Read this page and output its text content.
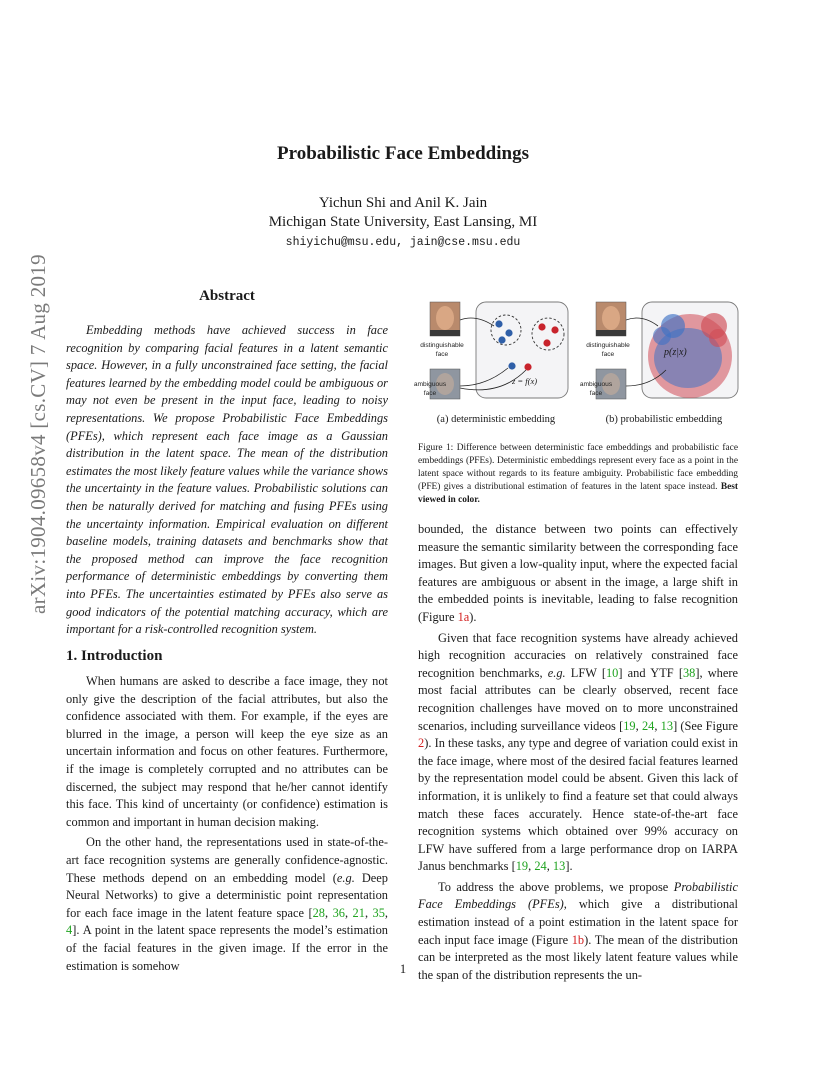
arXiv:1904.09658v4 [cs.CV] 7 Aug 2019
Probabilistic Face Embeddings
Yichun Shi and Anil K. Jain
Michigan State University, East Lansing, MI
shiyichu@msu.edu, jain@cse.msu.edu
Abstract

Embedding methods have achieved success in face recognition by comparing facial features in a latent semantic space. However, in a fully unconstrained face setting, the facial features learned by the embedding model could be ambiguous or may not even be present in the input face, leading to noisy representations. We propose Probabilistic Face Embeddings (PFEs), which represent each face image as a Gaussian distribution in the latent space. The mean of the distribution estimates the most likely feature values while the variance shows the uncertainty in the feature values. Probabilistic solutions can then be naturally derived for matching and fusing PFEs using the uncertainty information. Empirical evaluation on different baseline models, training datasets and benchmarks show that the proposed method can improve the face recognition performance of deterministic embeddings by converting them into PFEs. The uncertainties estimated by PFEs also serve as good indicators of the potential matching accuracy, which are important for a risk-controlled recognition system.

1. Introduction

When humans are asked to describe a face image, they not only give the description of the facial attributes, but also the confidence associated with them. For example, if the eyes are blurred in the image, a person will keep the eye size as an uncertain information and focus on other features. Furthermore, if the image is completely corrupted and no attributes can be discerned, the subject may respond that he/her cannot identify this face. This kind of uncertainty (or confidence) estimation is common and important in human decision making.

On the other hand, the representations used in state-of-the-art face recognition systems are generally confidence-agnostic. These methods depend on an embedding model (e.g. Deep Neural Networks) to give a deterministic point representation for each face image in the latent feature space [28, 36, 21, 35, 4]. A point in the latent space represents the model’s estimation of the facial features in the given image. If the error in the estimation is somehow

distinguishable face
ambiguous face
z = f(x)
(a) deterministic embedding
distinguishable face
ambiguous face
p(z|x)
(b) probabilistic embedding

Figure 1: Difference between deterministic face embeddings and probabilistic face embeddings (PFEs). Deterministic embeddings represent every face as a point in the latent space without regards to its feature ambiguity. Probabilistic face embedding (PFE) gives a distributional estimation of features in the latent space instead. Best viewed in color.

bounded, the distance between two points can effectively measure the semantic similarity between the corresponding face images. But given a low-quality input, where the expected facial features are ambiguous or absent in the image, a large shift in the embedded points is inevitable, leading to false recognition (Figure 1a).

Given that face recognition systems have already achieved high recognition accuracies on relatively constrained face recognition benchmarks, e.g. LFW [10] and YTF [38], where most facial attributes can be clearly observed, recent face recognition challenges have moved on to more unconstrained scenarios, including surveillance videos [19, 24, 13] (See Figure 2). In these tasks, any type and degree of variation could exist in the face image, where most of the desired facial features learned by the representation model could be absent. Given this lack of information, it is unlikely to find a feature set that could always match these faces accurately. Hence state-of-the-art face recognition systems which obtained over 99% accuracy on LFW have suffered from a large performance drop on IARPA Janus benchmarks [19, 24, 13].

To address the above problems, we propose Probabilistic Face Embeddings (PFEs), which give a distributional estimation instead of a point estimation in the latent space for each input face image (Figure 1b). The mean of the distribution can be interpreted as the most likely latent feature values while the span of the distribution represents the un-

1
